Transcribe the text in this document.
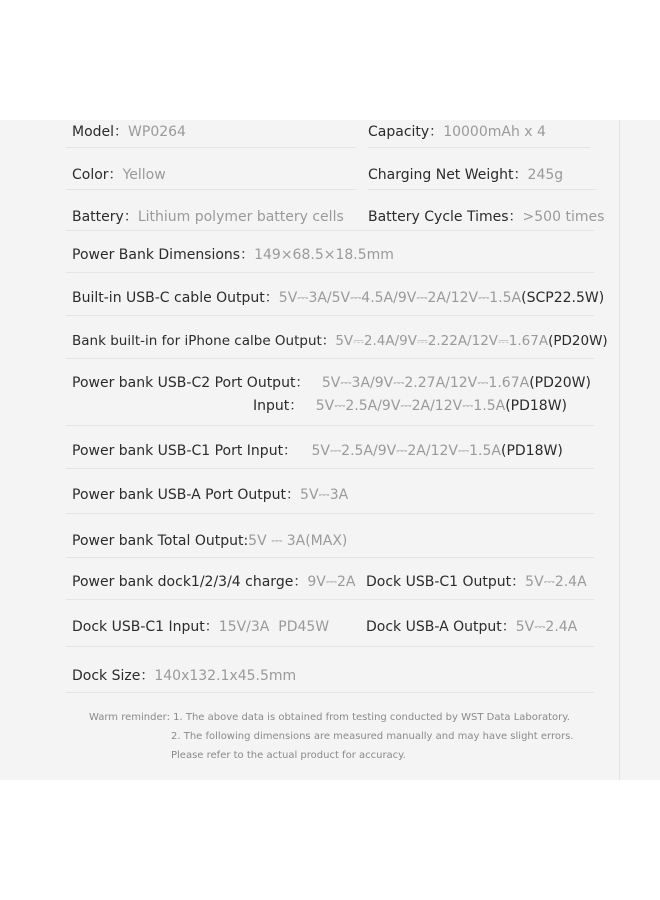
Model：WP0264	Capacity：10000mAh x 4
Color：Yellow	Charging Net Weight：245g
Battery：Lithium polymer battery cells Battery Cycle Times：>500 times
Power Bank Dimensions：149×68.5×18.5mm
Built-in USB-C cable Output：5V⎓3A/5V⎓4.5A/9V⎓2A/12V⎓1.5A(SCP22.5W)
Bank built-in for iPhone calbe Output：5V⎓2.4A/9V⎓2.22A/12V⎓1.67A(PD20W)
Power bank USB-C2 Port Output： 5V⎓3A/9V⎓2.27A/12V⎓1.67A(PD20W)
Input： 5V⎓2.5A/9V⎓2A/12V⎓1.5A(PD18W)
Power bank USB-C1 Port Input： 5V⎓2.5A/9V⎓2A/12V⎓1.5A(PD18W)
Power bank USB-A Port Output：5V⎓3A
Power bank Total Output:5V ⎓ 3A(MAX)
Power bank dock1/2/3/4 charge：9V⎓2A Dock USB-C1 Output：5V⎓2.4A
Dock USB-C1 Input：15V/3A  PD45W	Dock USB-A Output：5V⎓2.4A
Dock Size：140x132.1x45.5mm
Warm reminder: 1. The above data is obtained from testing conducted by WST Data Laboratory.
2. The following dimensions are measured manually and may have slight errors.
Please refer to the actual product for accuracy.
